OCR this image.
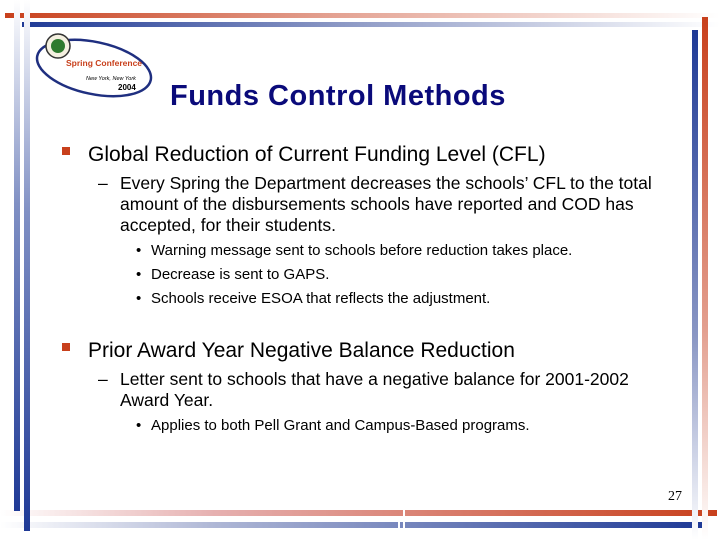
Spring Conference
New York, New York
2004 Funds Control Methods
Global Reduction of Current Funding Level (CFL)
– Every Spring the Department decreases the schools’ CFL to the total amount of the disbursements schools have reported and COD has accepted, for their students.
• Warning message sent to schools before reduction takes place.
• Decrease is sent to GAPS.
• Schools receive ESOA that reflects the adjustment.
Prior Award Year Negative Balance Reduction
– Letter sent to schools that have a negative balance for 2001-2002 Award Year.
• Applies to both Pell Grant and Campus-Based programs.
27
